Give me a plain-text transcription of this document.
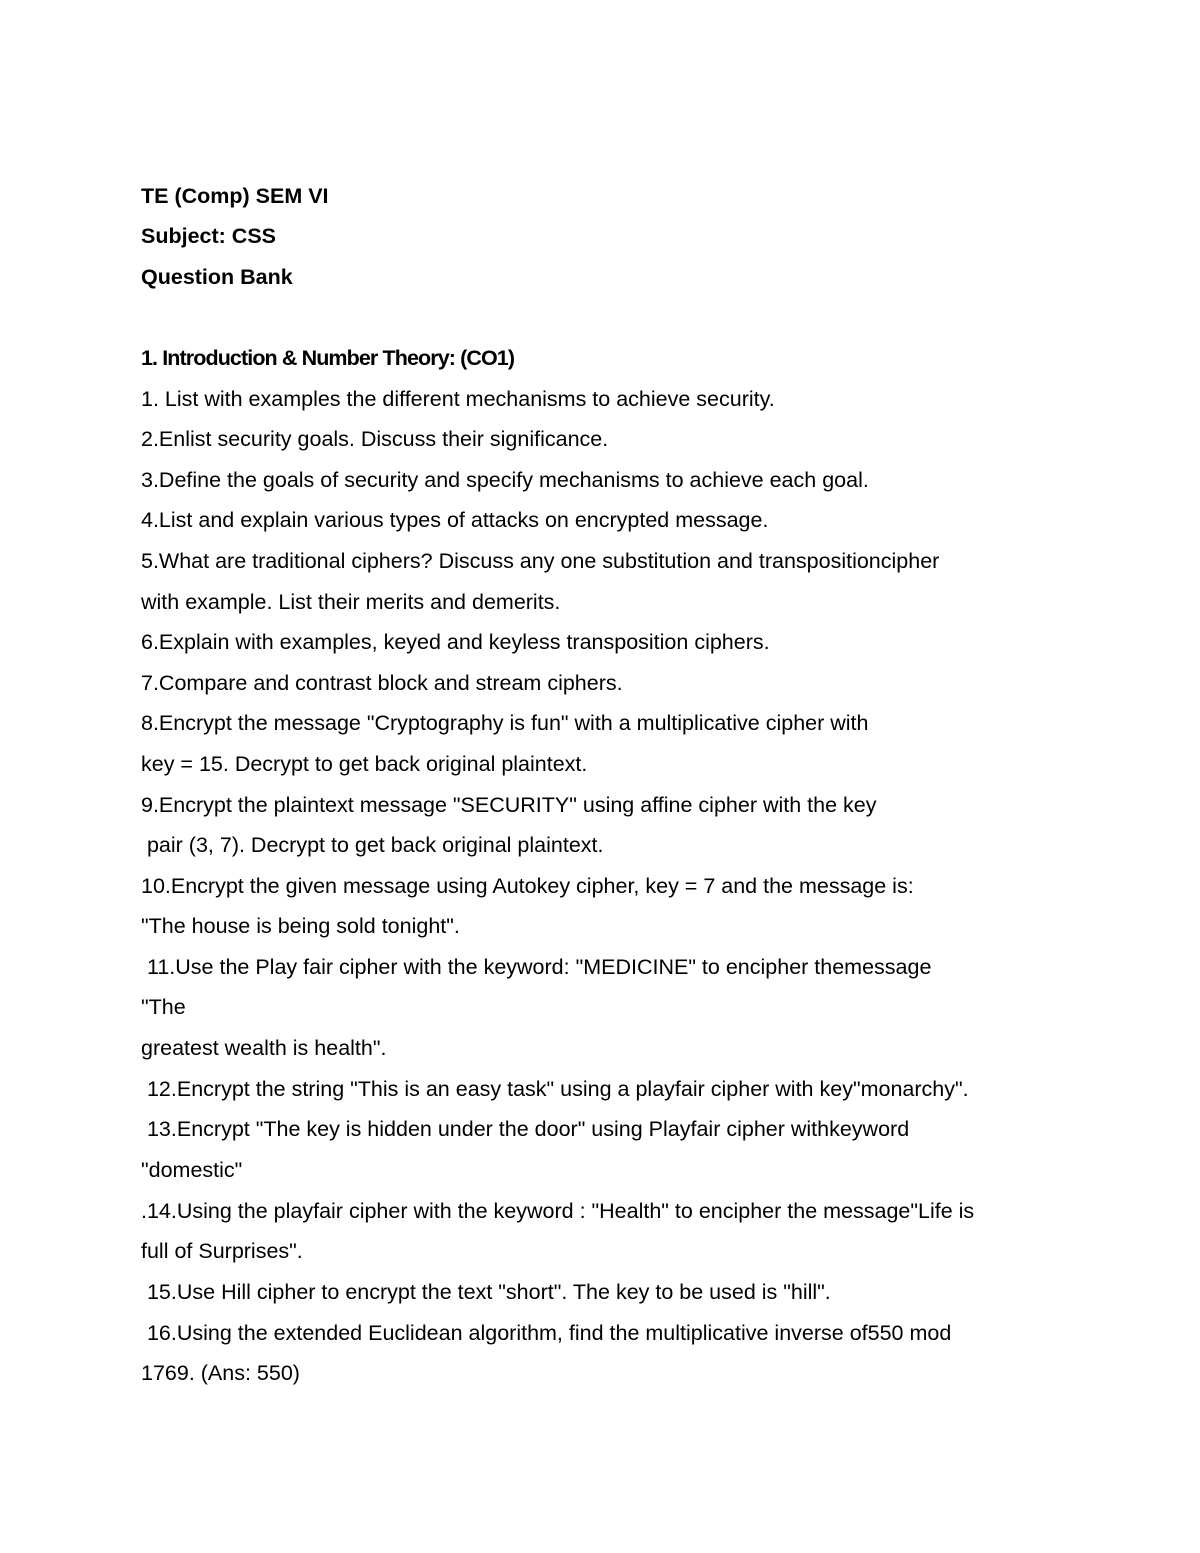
TE (Comp) SEM VI
Subject: CSS
Question Bank
1. Introduction & Number Theory: (CO1)
1. List with examples the different mechanisms to achieve security.
2.Enlist security goals. Discuss their significance.
3.Define the goals of security and specify mechanisms to achieve each goal.
4.List and explain various types of attacks on encrypted message.
5.What are traditional ciphers? Discuss any one substitution and transpositioncipher
with example. List their merits and demerits.
6.Explain with examples, keyed and keyless transposition ciphers.
7.Compare and contrast block and stream ciphers.
8.Encrypt the message "Cryptography is fun" with a multiplicative cipher with
key = 15. Decrypt to get back original plaintext.
9.Encrypt the plaintext message "SECURITY" using affine cipher with the key
pair (3, 7). Decrypt to get back original plaintext.
10.Encrypt the given message using Autokey cipher, key = 7 and the message is:
"The house is being sold tonight".
11.Use the Play fair cipher with the keyword: "MEDICINE" to encipher themessage
"The
greatest wealth is health".
12.Encrypt the string "This is an easy task" using a playfair cipher with key"monarchy".
13.Encrypt "The key is hidden under the door" using Playfair cipher withkeyword
"domestic"
.14.Using the playfair cipher with the keyword : "Health" to encipher the message"Life is
full of Surprises".
15.Use Hill cipher to encrypt the text "short". The key to be used is "hill".
16.Using the extended Euclidean algorithm, find the multiplicative inverse of550 mod
1769. (Ans: 550)
